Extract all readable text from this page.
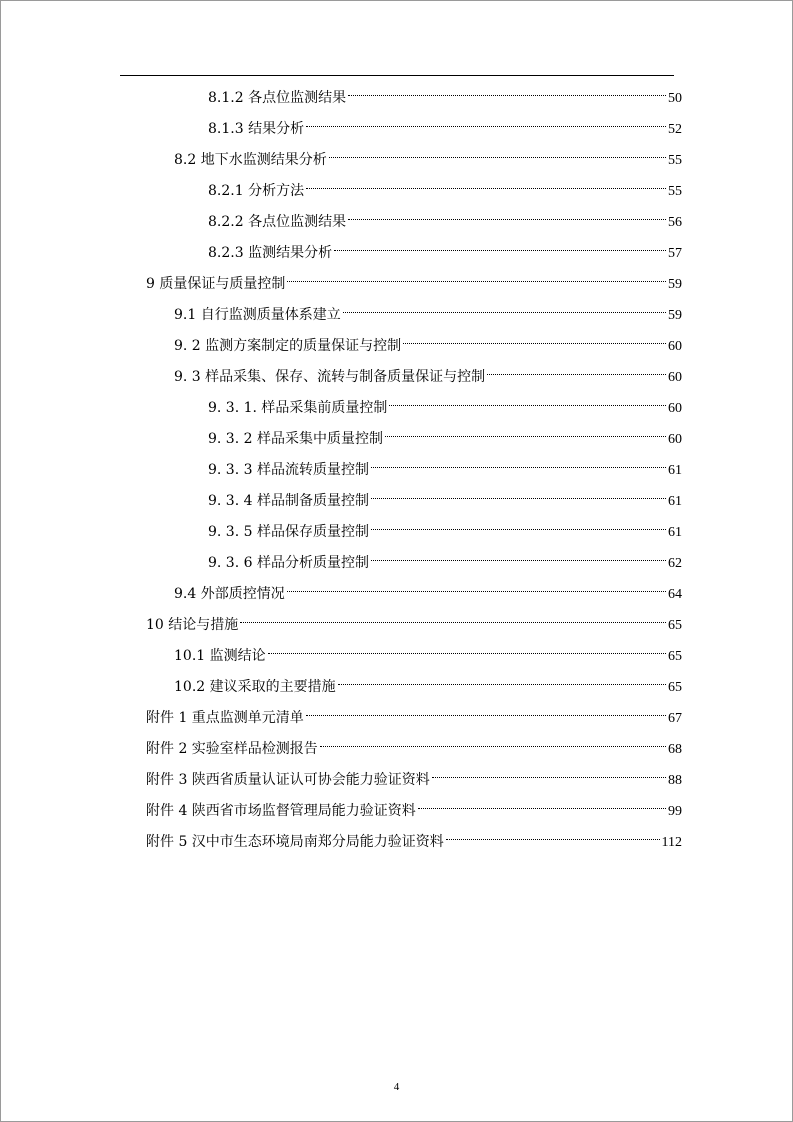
8.1.2 各点位监测结果	50
8.1.3 结果分析	52
8.2 地下水监测结果分析	55
8.2.1 分析方法	55
8.2.2 各点位监测结果	56
8.2.3 监测结果分析	57
9 质量保证与质量控制	59
9.1 自行监测质量体系建立	59
9. 2 监测方案制定的质量保证与控制	60
9. 3 样品采集、保存、流转与制备质量保证与控制	60
9. 3. 1. 样品采集前质量控制	60
9. 3. 2 样品采集中质量控制	60
9. 3. 3 样品流转质量控制	61
9. 3. 4 样品制备质量控制	61
9. 3. 5 样品保存质量控制	61
9. 3. 6 样品分析质量控制	62
9.4 外部质控情况	64
10 结论与措施	65
10.1 监测结论	65
10.2 建议采取的主要措施	65
附件 1 重点监测单元清单	67
附件 2 实验室样品检测报告	68
附件 3 陕西省质量认证认可协会能力验证资料	88
附件 4 陕西省市场监督管理局能力验证资料	99
附件 5 汉中市生态环境局南郑分局能力验证资料	112
4
